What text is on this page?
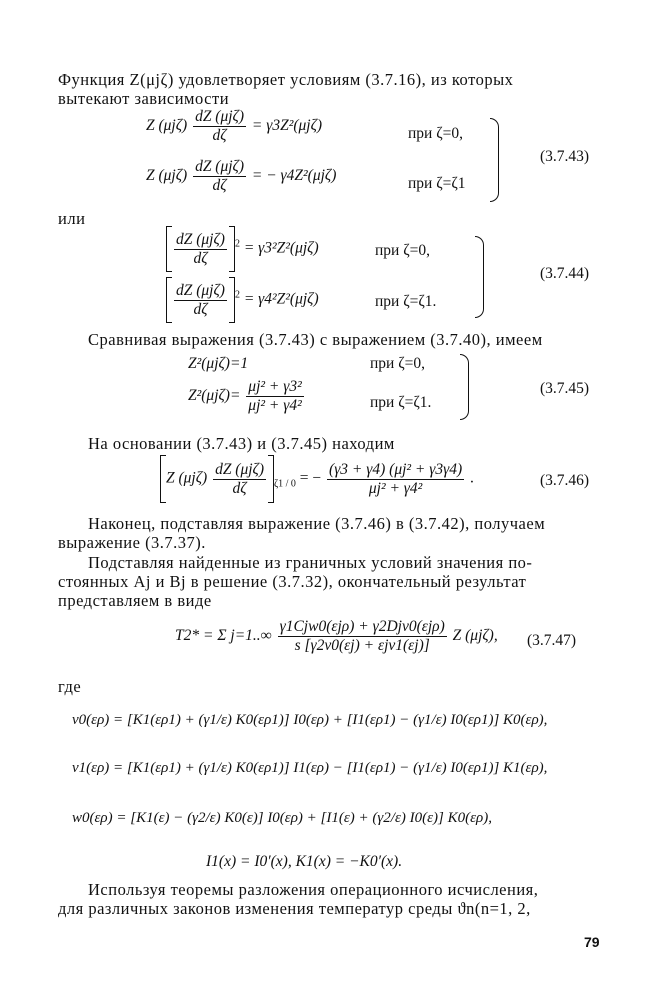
Функция Z(μjζ) удовлетворяет условиям (3.7.16), из которых
вытекают зависимости
Z $(\mu j\zeta) \frac{\text{dZ (μjζ)}}{d\zeta} = \gamma 3Z^2(\mu j\zeta)$	при ζ=0,
Z $(\mu j\zeta) \frac{\text{dZ (μjζ)}}{d\zeta}$ = − γ4Z²(μjζ)	при ζ=ζ1
(3.7.43)
или
$\frac{\text{dZ (μjζ)}}{d\zeta} ^2 = \gamma 3^2Z^2(\mu j\zeta)$	при ζ=0,
$\frac{\text{dZ (μjζ)}}{d\zeta} ^2 = \gamma 4^2Z^2(\mu j\zeta)$	при ζ=ζ1.
(3.7.44)
Сравнивая выражения (3.7.43) с выражением (3.7.40), имеем
Z²(μjζ)=1	при ζ=0,
$Z^2(\mu j\zeta)= \frac{\text{μj² + γ3²}}{\text{μj² + γ4²}}$	при ζ=ζ1.
(3.7.45)
На основании (3.7.43) и (3.7.45) находим
Z $(\mu j\zeta) \frac{\text{dZ (μjζ)}}{d\zeta} _{\zeta 1 / 0}$ = − $\frac{\text{(γ3 + γ4) (μj² + γ3γ4)}}{\text{μj² + γ4²}}$ .	(3.7.46)
Наконец, подставляя выражение (3.7.46) в (3.7.42), получаем
выражение (3.7.37).
Подставляя найденные из граничных условий значения по-
стоянных Aj и Bj в решение (3.7.32), окончательный результат
представляем в виде
T2* = Σ $j=1..\infty \frac{\text{γ1Cjw0(εjρ) + γ2Djv0(εjρ)}}{\text{s [γ2v0(εj) + εjv1(εj)]}}$ Z (μjζ), (3.7.47)
где
v0(ερ) = [K1(ερ1) + (γ1/ε) K0(ερ1)] I0(ερ) + [I1(ερ1) − (γ1/ε) I0(ερ1)] K0(ερ),
v1(ερ) = [K1(ερ1) + (γ1/ε) K0(ερ1)] I1(ερ) − [I1(ερ1) − (γ1/ε) I0(ερ1)] K1(ερ),
w0(ερ) = [K1(ε) − (γ2/ε) K0(ε)] I0(ερ) + [I1(ε) + (γ2/ε) I0(ε)] K0(ερ),
I1(x) = I0′(x), K1(x) = −K0′(x).
Используя теоремы разложения операционного исчисления,
для различных законов изменения температур среды ϑn(n=1, 2,
79
